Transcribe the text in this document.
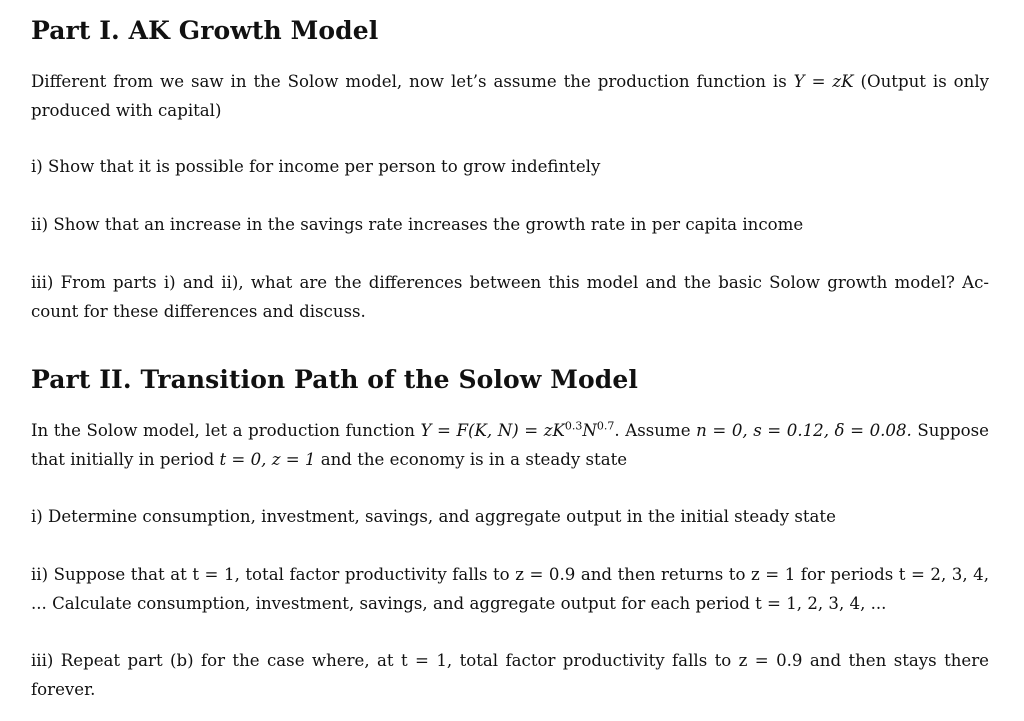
Part I. AK Growth Model

Different from we saw in the Solow model, now let’s assume the production function is Y = zK (Output is only produced with capital)

i) Show that it is possible for income per person to grow indefintely

ii) Show that an increase in the savings rate increases the growth rate in per capita income

iii) From parts i) and ii), what are the differences between this model and the basic Solow growth model? Ac-count for these differences and discuss.

Part II. Transition Path of the Solow Model

In the Solow model, let a production function Y = F(K, $N) = zK^{0.3}N^{0.7}$. Assume n = 0, s = 0.12, δ = 0.08. Suppose that initially in period t = 0, z = 1 and the economy is in a steady state

i) Determine consumption, investment, savings, and aggregate output in the initial steady state

ii) Suppose that at t = 1, total factor productivity falls to z = 0.9 and then returns to z = 1 for periods t = 2, 3, 4, ... Calculate consumption, investment, savings, and aggregate output for each period t = 1, 2, 3, 4, ...

iii) Repeat part (b) for the case where, at t = 1, total factor productivity falls to z = 0.9 and then stays there forever.
